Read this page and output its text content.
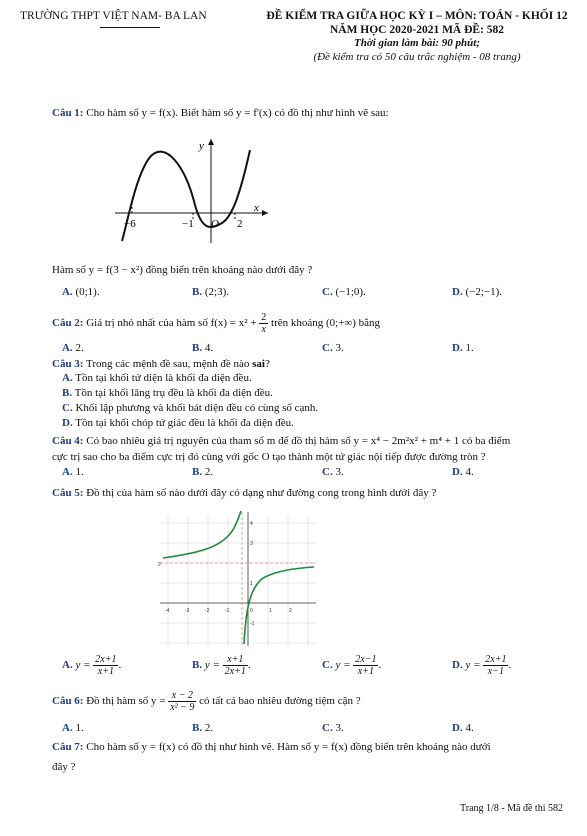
TRƯỜNG THPT VIỆT NAM- BA LAN	ĐỀ KIỂM TRA GIỮA HỌC KỲ I – MÔN: TOÁN - KHỐI 12
NĂM HỌC 2020-2021 MÃ ĐỀ: 582
Thời gian làm bài: 90 phút;
(Đề kiểm tra có 50 câu trắc nghiệm - 08 trang)
Câu 1: Cho hàm số y = f(x). Biết hàm số y = f'(x) có đồ thị như hình vẽ sau:
y
x
−6	−1 O 2
Hàm số y = f(3 − x²) đồng biến trên khoảng nào dưới đây ?
A. (0;1).	B. (2;3).	C. (−1;0).	D. (−2;−1).
Câu 2: Giá trị nhỏ nhất của hàm số $f(x) = x^2 + \frac{2}{x}$ trên khoảng (0;+∞) bằng
A. 2.	B. 4.	C. 3.	D. 1.
Câu 3: Trong các mệnh đề sau, mệnh đề nào sai?
A. Tồn tại khối tứ diện là khối đa diện đều.
B. Tồn tại khối lăng trụ đều là khối đa diện đều.
C. Khối lập phương và khối bát diện đều có cùng số cạnh.
D. Tồn tại khối chóp tứ giác đều là khối đa diện đều.
Câu 4: Có bao nhiêu giá trị nguyên của tham số m để đồ thị hàm số y = x⁴ − 2m²x² + m⁴ + 1 có ba điểm
cực trị sao cho ba điểm cực trị đó cùng với gốc O tạo thành một tứ giác nội tiếp được đường tròn ?
A. 1.	B. 2.	C. 3.	D. 4.
Câu 5: Đồ thị của hàm số nào dưới đây có dạng như đường cong trong hình dưới đây ?
-4	-3	-2	-1	0	1	2
4
3
2
1
-1
A. $y = \frac{2x+1}{x+1}$ .	B. $y = \frac{x+1}{2x+1}$ .	C. $y = \frac{2x-1}{x+1}$ .	D. $y = \frac{2x+1}{x-1}$ .
Câu 6: Đồ thị hàm số $y = \frac{x - 2}{\text{x² − 9}}$ có tất cả bao nhiêu đường tiệm cận ?
A. 1.	B. 2.	C. 3.	D. 4.
Câu 7: Cho hàm số y = f(x) có đồ thị như hình vẽ. Hàm số y = f(x) đồng biến trên khoảng nào dưới
đây ?
Trang 1/8 - Mã đề thi 582
